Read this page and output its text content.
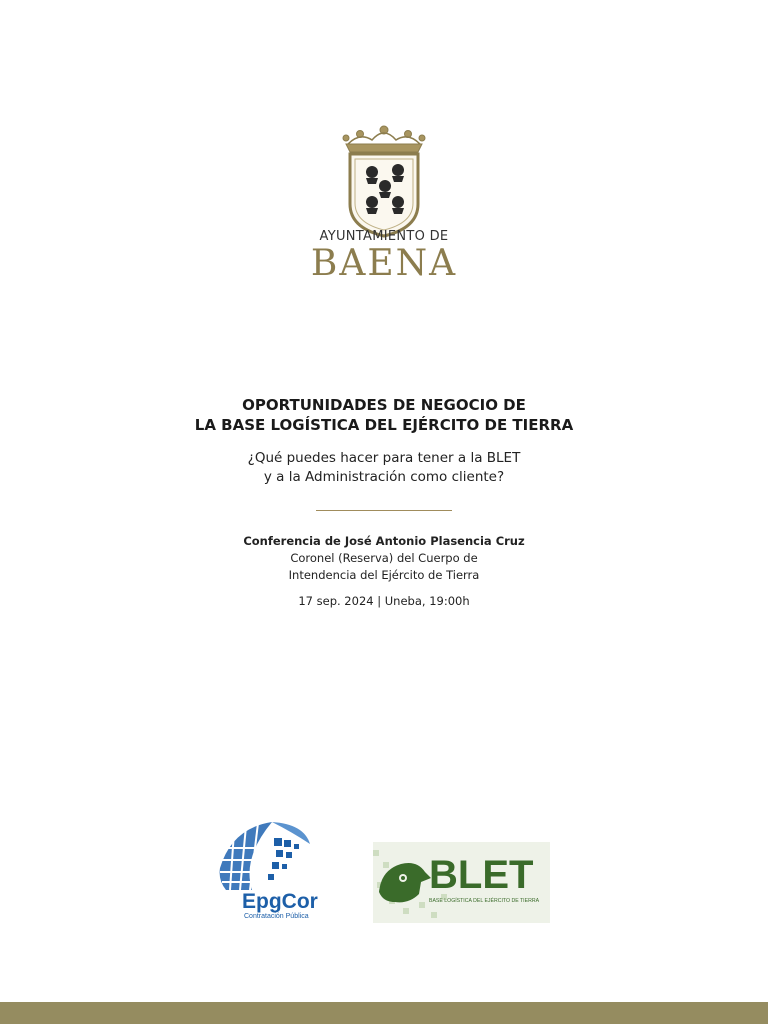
AYUNTAMIENTO DE
BAENA
OPORTUNIDADES DE NEGOCIO DE
LA BASE LOGÍSTICA DEL EJÉRCITO DE TIERRA
¿Qué puedes hacer para tener a la BLET
y a la Administración como cliente?
Conferencia de José Antonio Plasencia Cruz
Coronel (Reserva) del Cuerpo de
Intendencia del Ejército de Tierra
17 sep. 2024 | Uneba, 19:00h
EpgCor
Contratación Pública
BLET
BASE LOGÍSTICA DEL EJÉRCITO DE TIERRA
